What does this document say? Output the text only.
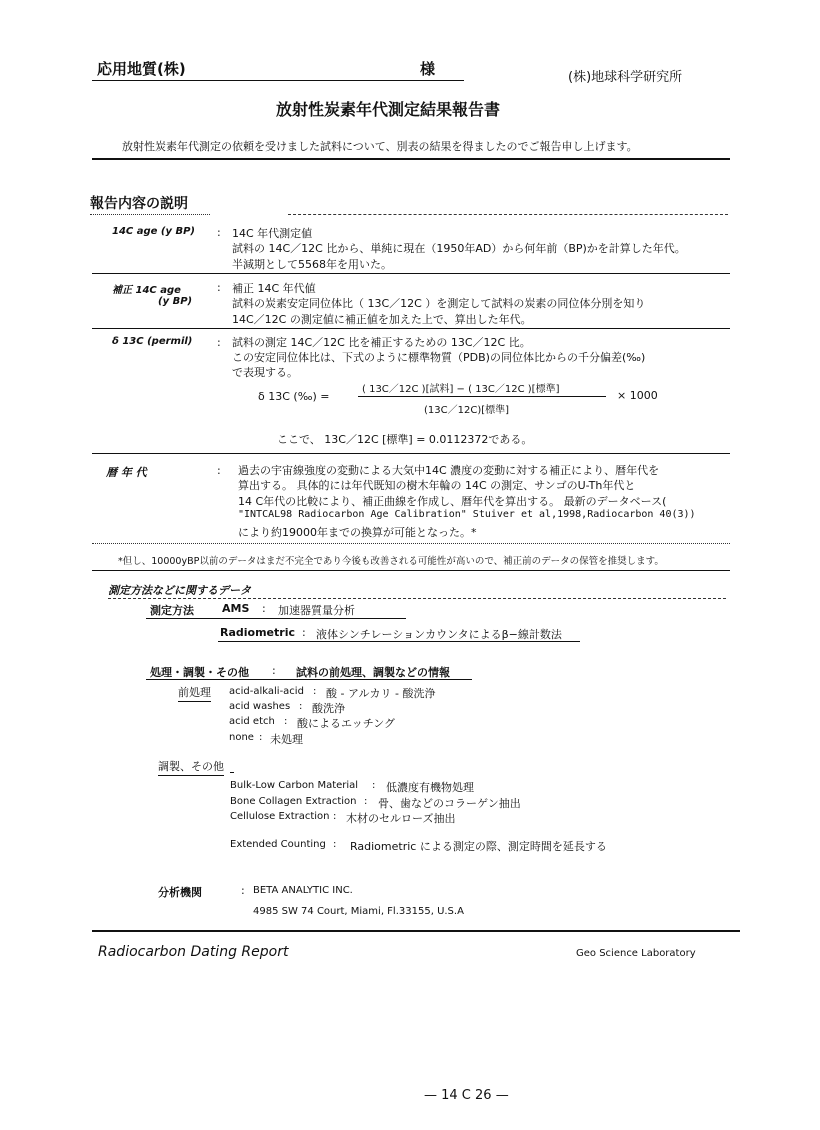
応用地質(株)	様	(株)地球科学研究所
放射性炭素年代測定結果報告書
放射性炭素年代測定の依頼を受けました試料について、別表の結果を得ましたのでご報告申し上げます。
報告内容の説明
14C age (y BP) : 14C 年代測定値
試料の 14C／12C 比から、単純に現在（1950年AD）から何年前（BP)かを計算した年代。
半減期として5568年を用いた。
補正 14C age
(y BP)
: 補正 14C 年代値
試料の炭素安定同位体比（ 13C／12C ）を測定して試料の炭素の同位体分別を知り
14C／12C の測定値に補正値を加えた上で、算出した年代。
δ 13C (permil) : 試料の測定 14C／12C 比を補正するための 13C／12C 比。
この安定同位体比は、下式のように標準物質（PDB)の同位体比からの千分偏差(‰)
で表現する。
δ 13C (‰) =
( 13C／12C )[試料] − ( 13C／12C )[標準]
(13C／12C)[標準]
× 1000
ここで、 13C／12C [標準] = 0.0112372である。
暦 年 代	: 過去の宇宙線強度の変動による大気中14C 濃度の変動に対する補正により、暦年代を
算出する。 具体的には年代既知の樹木年輪の 14C の測定、サンゴのU-Th年代と
14 C年代の比較により、補正曲線を作成し、暦年代を算出する。 最新のデータベース(
"INTCAL98 Radiocarbon Age Calibration" Stuiver et al,1998,Radiocarbon 40(3))
により約19000年までの換算が可能となった。*
*但し、10000yBP以前のデータはまだ不完全であり今後も改善される可能性が高いので、補正前のデータの保管を推奨します。
測定方法などに関するデータ
測定方法	AMS : 加速器質量分析
Radiometric : 液体シンチレーションカウンタによるβ−線計数法
処理・調製・その他 : 試料の前処理、調製などの情報
前処理 acid-alkali-acid : 酸 - アルカリ - 酸洗浄
acid washes : 酸洗浄
acid etch : 酸によるエッチング
none : 未処理
調製、その他
Bulk-Low Carbon Material : 低濃度有機物処理
Bone Collagen Extraction : 骨、歯などのコラーゲン抽出
Cellulose Extraction : 木材のセルローズ抽出
Extended Counting : Radiometric による測定の際、測定時間を延長する
分析機関	: BETA ANALYTIC INC.
4985 SW 74 Court, Miami, Fl.33155, U.S.A
Radiocarbon Dating Report	Geo Science Laboratory
— 14 C 26 —
